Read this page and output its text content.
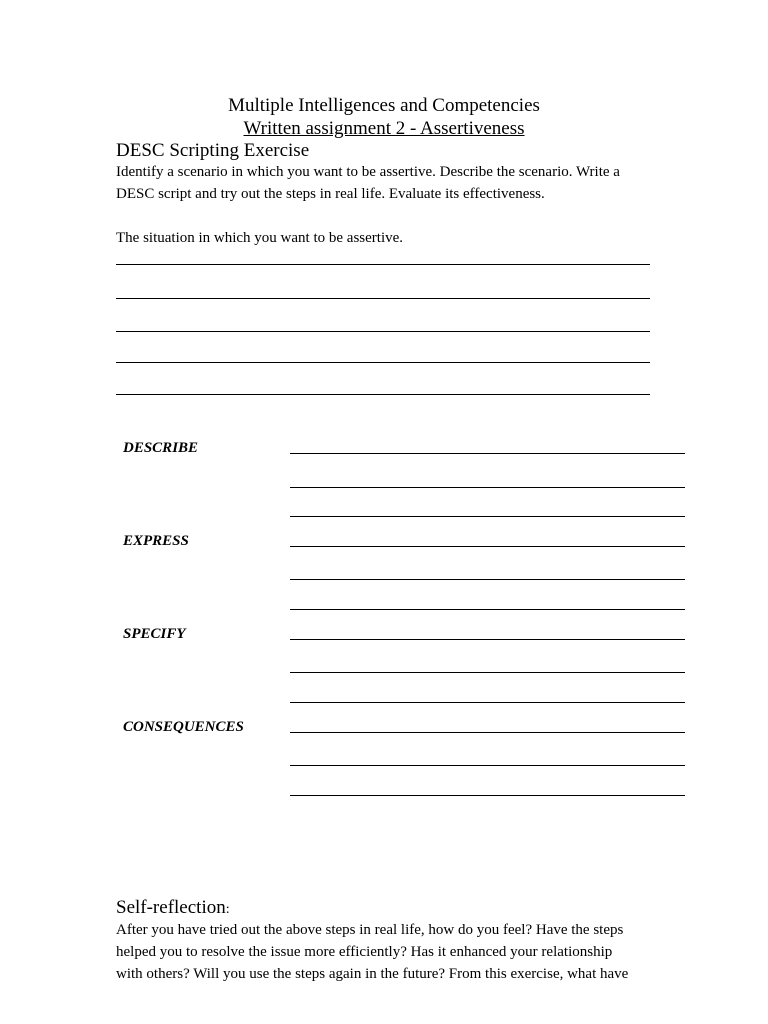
Multiple Intelligences and Competencies
Written assignment 2 - Assertiveness
DESC Scripting Exercise
Identify a scenario in which you want to be assertive. Describe the scenario. Write a
DESC script and try out the steps in real life. Evaluate its effectiveness.
The situation in which you want to be assertive.
DESCRIBE
EXPRESS
SPECIFY
CONSEQUENCES
Self-reflection:
After you have tried out the above steps in real life, how do you feel? Have the steps
helped you to resolve the issue more efficiently? Has it enhanced your relationship
with others? Will you use the steps again in the future? From this exercise, what have
